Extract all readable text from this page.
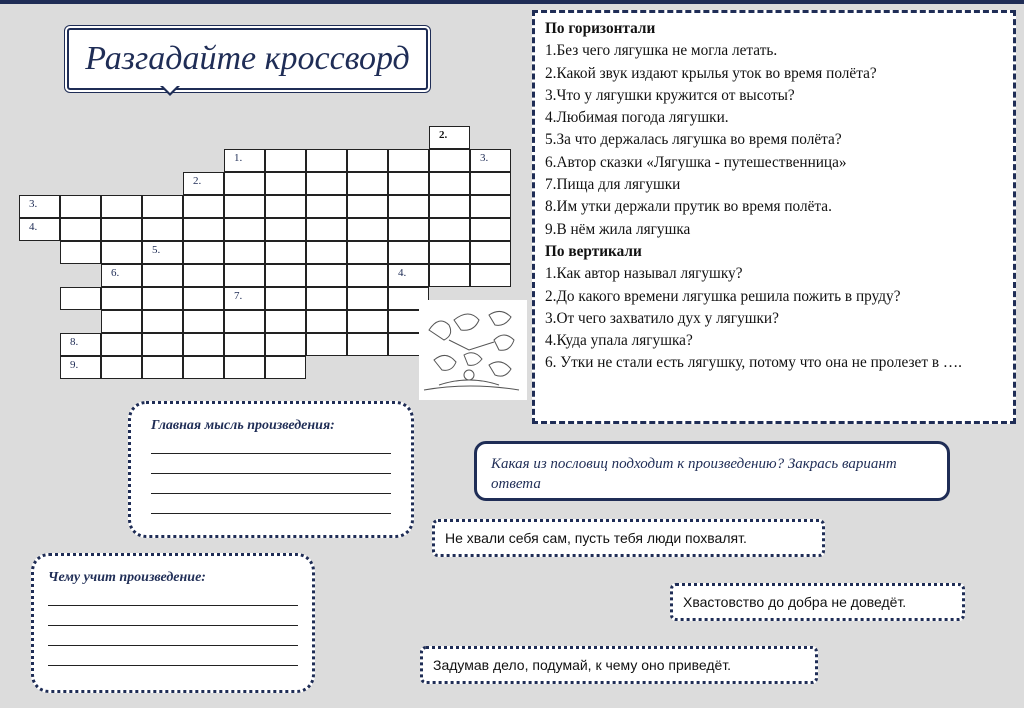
Разгадайте кроссворд
2.
1.	3.
2.
3.
4.
5.
6.	4.
7.
8.
9.
По горизонтали
1.Без чего лягушка не могла летать.
2.Какой звук издают крылья уток во время полёта?
3.Что у лягушки кружится от высоты?
4.Любимая погода лягушки.
5.За что держалась лягушка во время полёта?
6.Автор сказки «Лягушка - путешественница»
7.Пища для лягушки
8.Им утки держали прутик во время полёта.
9.В нём жила лягушка
По вертикали
1.Как автор называл лягушку?
2.До какого времени лягушка решила пожить в пруду?
3.От чего захватило дух у лягушки?
4.Куда упала лягушка?
6. Утки не стали есть лягушку, потому что она не пролезет в ….
Главная мысль произведения:
Чему учит произведение:
Какая из пословиц подходит к произведению? Закрась вариант ответа
Не хвали себя сам, пусть тебя люди похвалят.
Хвастовство до добра не доведёт.
Задумав дело, подумай, к чему оно приведёт.
